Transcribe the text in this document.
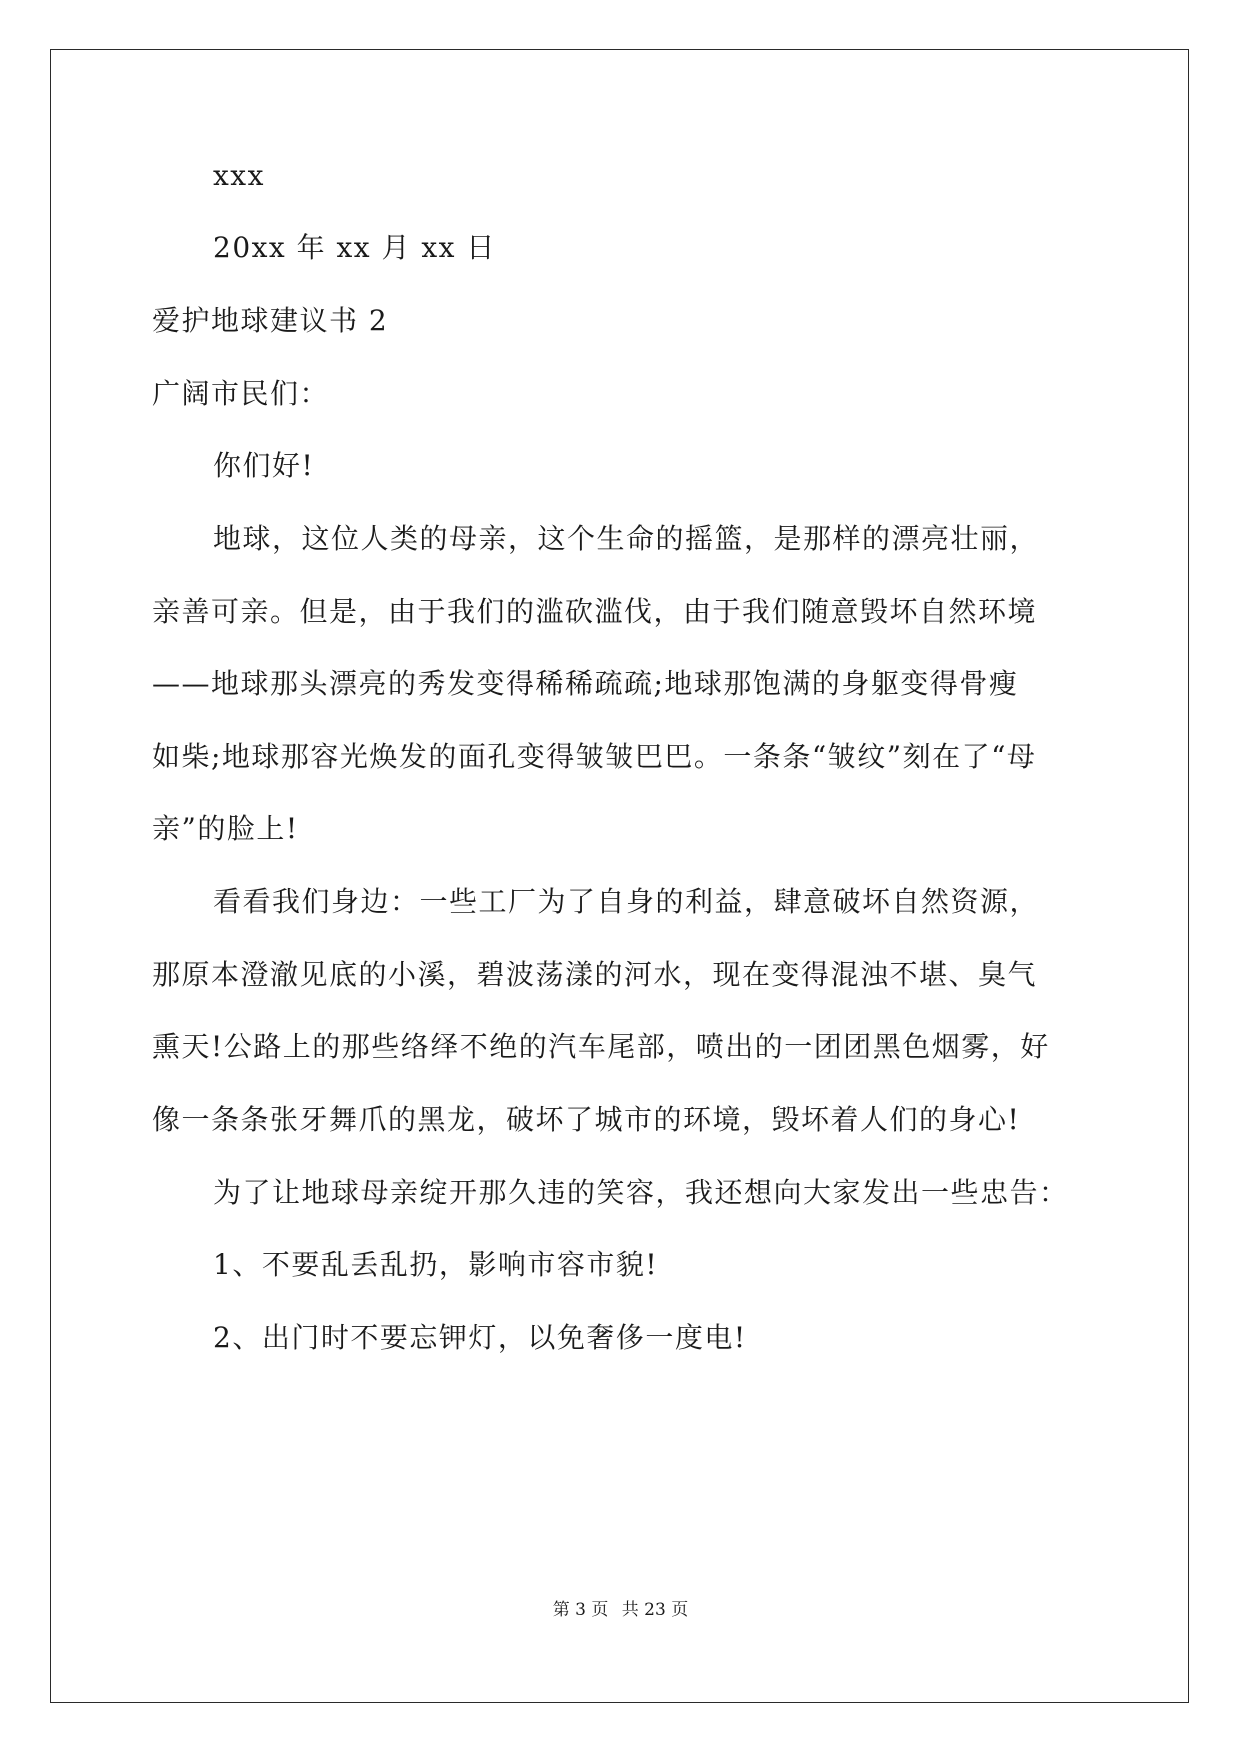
xxx
20xx 年 xx 月 xx 日
爱护地球建议书 2
广阔市民们：
你们好!
地球，这位人类的母亲，这个生命的摇篮，是那样的漂亮壮丽，
亲善可亲。但是，由于我们的滥砍滥伐，由于我们随意毁坏自然环境
——地球那头漂亮的秀发变得稀稀疏疏;地球那饱满的身躯变得骨瘦
如柴;地球那容光焕发的面孔变得皱皱巴巴。一条条“皱纹”刻在了“母
亲”的脸上!
看看我们身边：一些工厂为了自身的利益，肆意破坏自然资源，
那原本澄澈见底的小溪，碧波荡漾的河水，现在变得混浊不堪、臭气
熏天!公路上的那些络绎不绝的汽车尾部，喷出的一团团黑色烟雾，好
像一条条张牙舞爪的黑龙，破坏了城市的环境，毁坏着人们的身心!
为了让地球母亲绽开那久违的笑容，我还想向大家发出一些忠告：
1、不要乱丢乱扔，影响市容市貌!
2、出门时不要忘钾灯，以免奢侈一度电!
第 3 页 共 23 页
